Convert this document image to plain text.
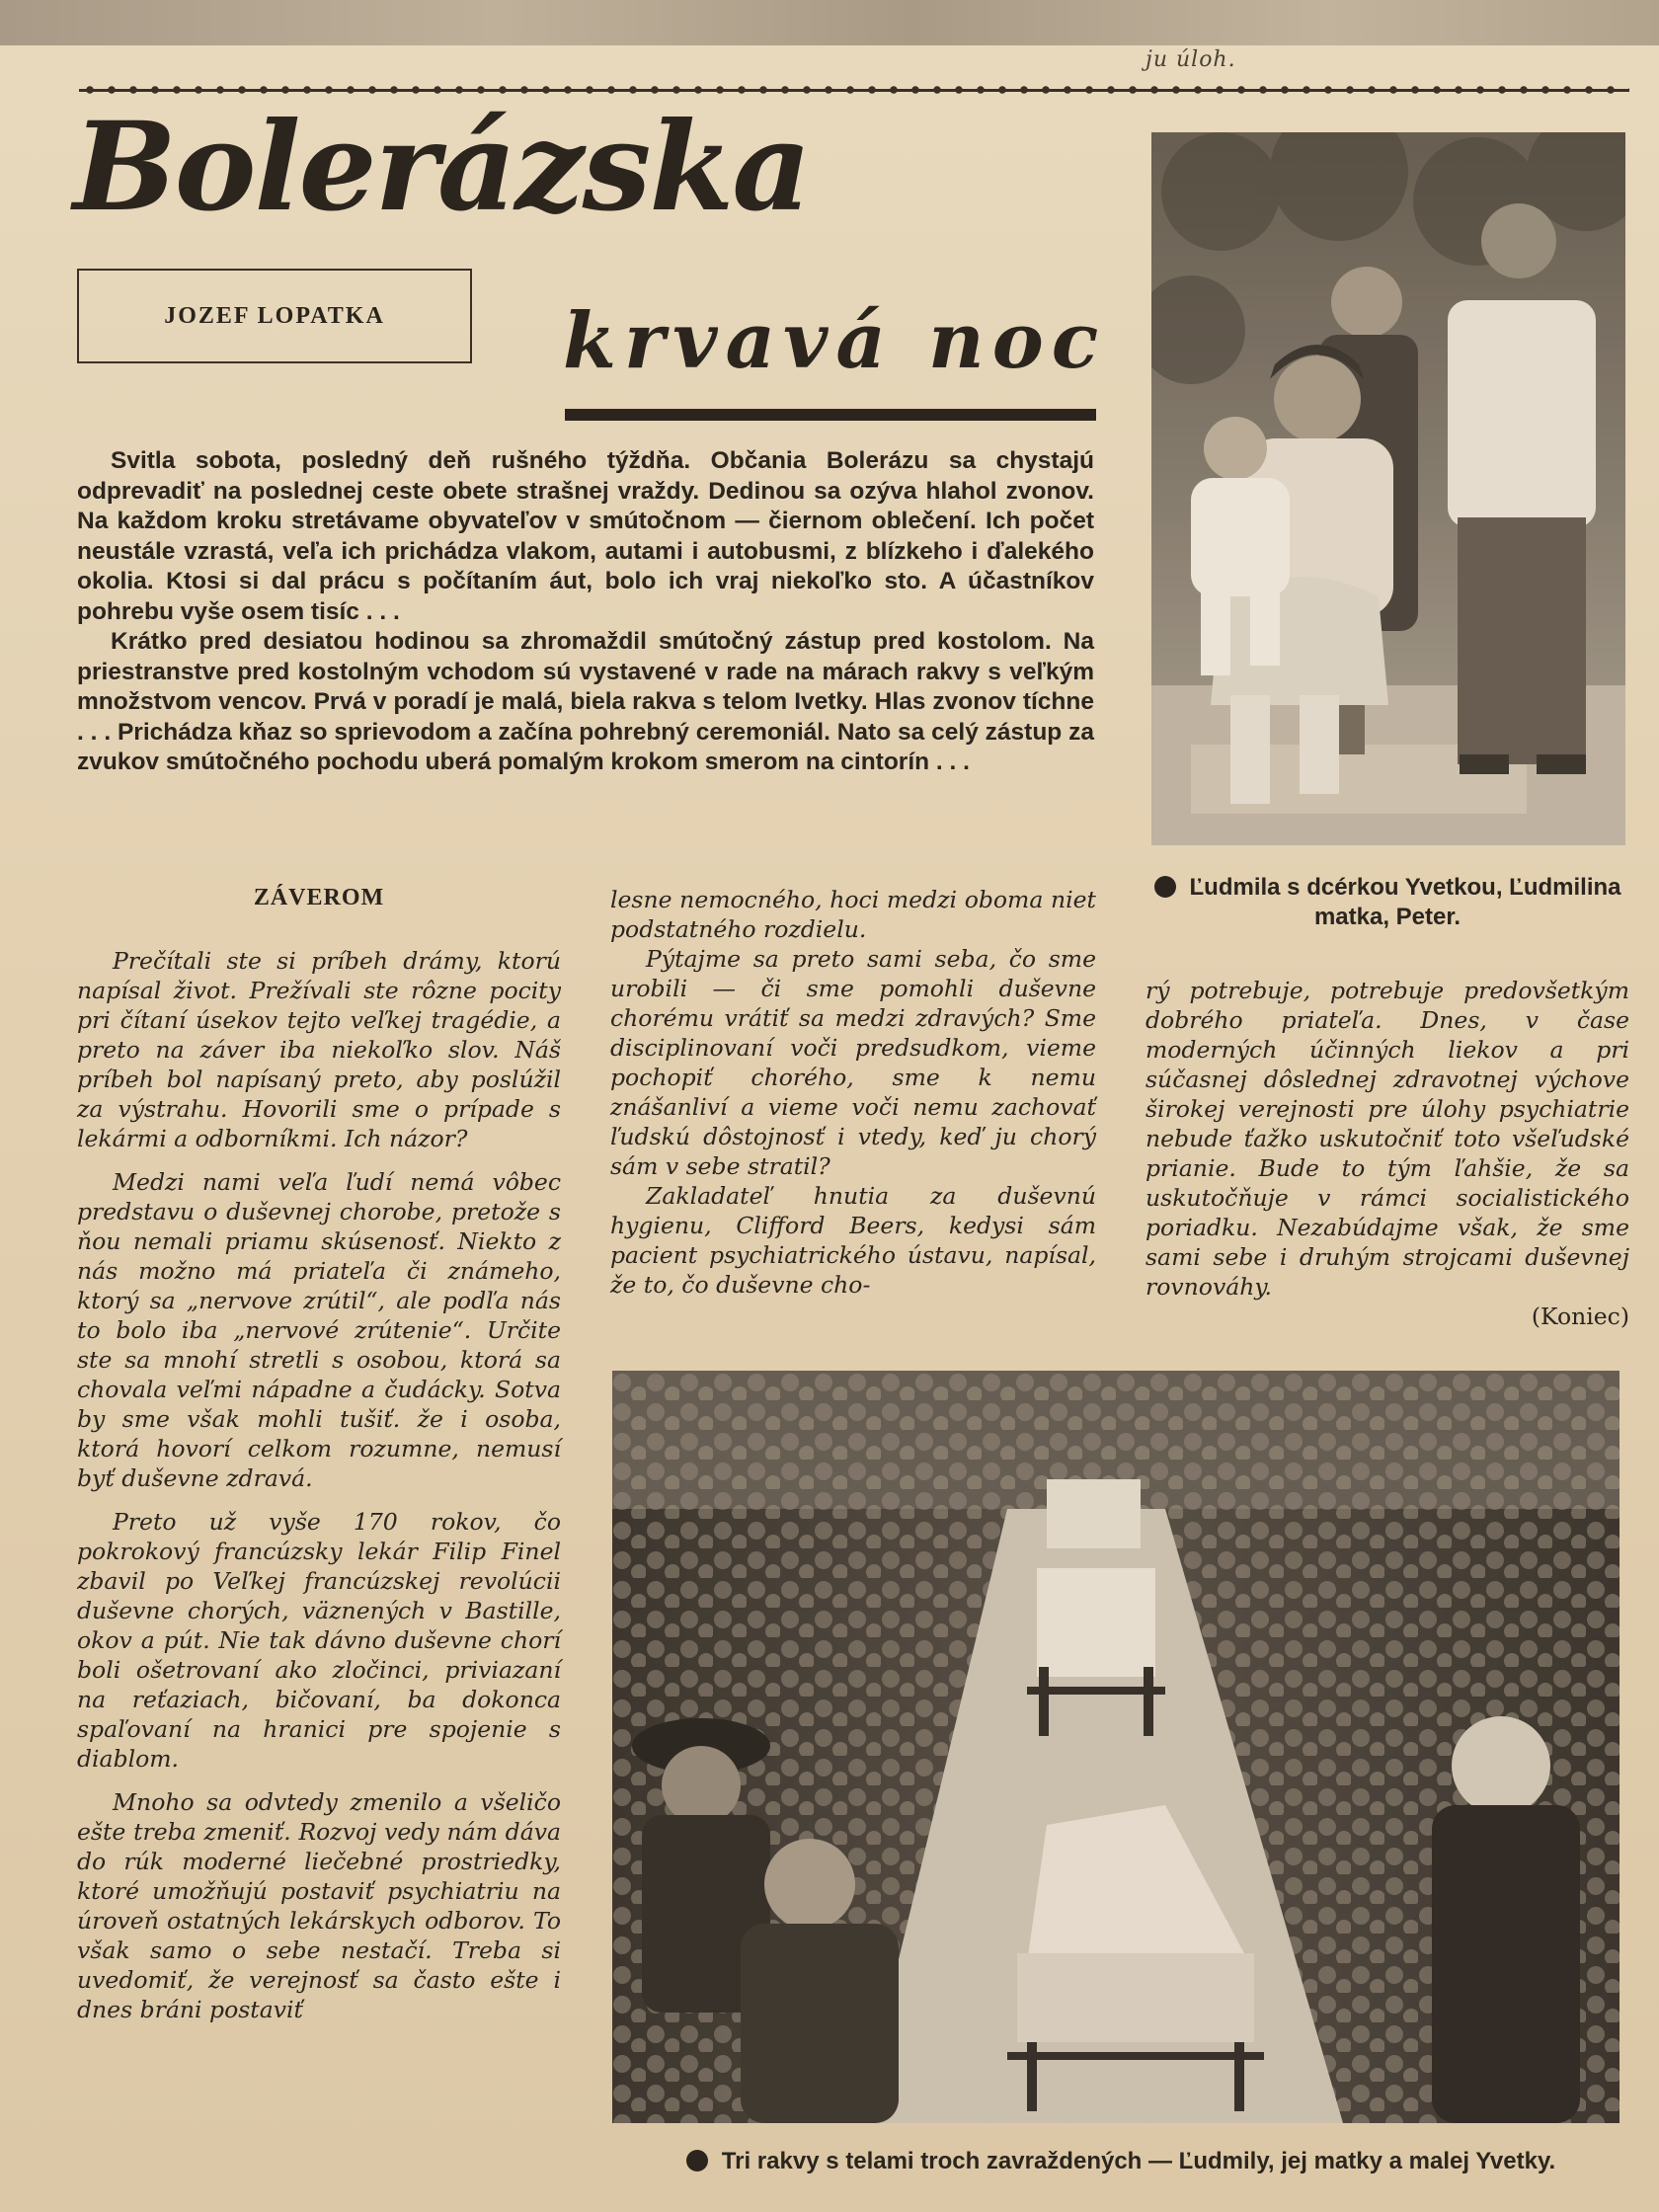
ju úloh.
Bolerázska
JOZEF LOPATKA krvavá noc

Svitla sobota, posledný deň rušného týždňa. Občania Bolerázu sa chystajú odprevadiť na poslednej ceste obete strašnej vraždy. Dedinou sa ozýva hlahol zvonov. Na každom kroku stretávame obyvateľov v smútočnom — čiernom oblečení. Ich počet neustále vzrastá, veľa ich prichádza vlakom, autami i autobusmi, z blízkeho i ďalekého okolia. Ktosi si dal prácu s počítaním áut, bolo ich vraj niekoľko sto. A účastníkov pohrebu vyše osem tisíc . . .

Krátko pred desiatou hodinou sa zhromaždil smútočný zástup pred kostolom. Na priestranstve pred kostolným vchodom sú vystavené v rade na márach rakvy s veľkým množstvom vencov. Prvá v poradí je malá, biela rakva s telom Ivetky. Hlas zvonov tíchne . . . Prichádza kňaz so sprievodom a začína pohrebný ceremoniál. Nato sa celý zástup za zvukov smútočného pochodu uberá pomalým krokom smerom na cintorín . . .

Ľudmila s dcérkou Yvetkou, Ľudmilina matka, Peter.
ZÁVEROM

Prečítali ste si príbeh drámy, ktorú napísal život. Prežívali ste rôzne pocity pri čítaní úsekov tejto veľkej tragédie, a preto na záver iba niekoľko slov. Náš príbeh bol napísaný preto, aby poslúžil za výstrahu. Hovorili sme o prípade s lekármi a odborníkmi. Ich názor?

Medzi nami veľa ľudí nemá vôbec predstavu o duševnej chorobe, pretože s ňou nemali priamu skúsenosť. Niekto z nás možno má priateľa či známeho, ktorý sa „nervove zrútil“, ale podľa nás to bolo iba „nervové zrútenie“. Určite ste sa mnohí stretli s osobou, ktorá sa chovala veľmi nápadne a čudácky. Sotva by sme však mohli tušiť. že i osoba, ktorá hovorí celkom rozumne, nemusí byť duševne zdravá.

Preto už vyše 170 rokov, čo pokrokový francúzsky lekár Filip Finel zbavil po Veľkej francúzskej revolúcii duševne chorých, väznených v Bastille, okov a pút. Nie tak dávno duševne chorí boli ošetrovaní ako zločinci, priviazaní na reťaziach, bičovaní, ba dokonca spaľovaní na hranici pre spojenie s diablom.

Mnoho sa odvtedy zmenilo a všeličo ešte treba zmeniť. Rozvoj vedy nám dáva do rúk moderné liečebné prostriedky, ktoré umožňujú postaviť psychiatriu na úroveň ostatných lekárskych odborov. To však samo o sebe nestačí. Treba si uvedomiť, že verejnosť sa často ešte i dnes bráni postaviť

lesne nemocného, hoci medzi oboma niet podstatného rozdielu.

Pýtajme sa preto sami seba, čo sme urobili — či sme pomohli duševne chorému vrátiť sa medzi zdravých? Sme disciplinovaní voči predsudkom, vieme pochopiť chorého, sme k nemu znášanliví a vieme voči nemu zachovať ľudskú dôstojnosť i vtedy, keď ju chorý sám v sebe stratil?

Zakladateľ hnutia za duševnú hygienu, Clifford Beers, kedysi sám pacient psychiatrického ústavu, napísal, že to, čo duševne cho-

rý potrebuje, potrebuje predovšetkým dobrého priateľa. Dnes, v čase moderných účinných liekov a pri súčasnej dôslednej zdravotnej výchove širokej verejnosti pre úlohy psychiatrie nebude ťažko uskutočniť toto všeľudské prianie. Bude to tým ľahšie, že sa uskutočňuje v rámci socialistického poriadku. Nezabúdajme však, že sme sami sebe i druhým strojcami duševnej rovnováhy.

(Koniec)
Tri rakvy s telami troch zavraždených — Ľudmily, jej matky a malej Yvetky.
